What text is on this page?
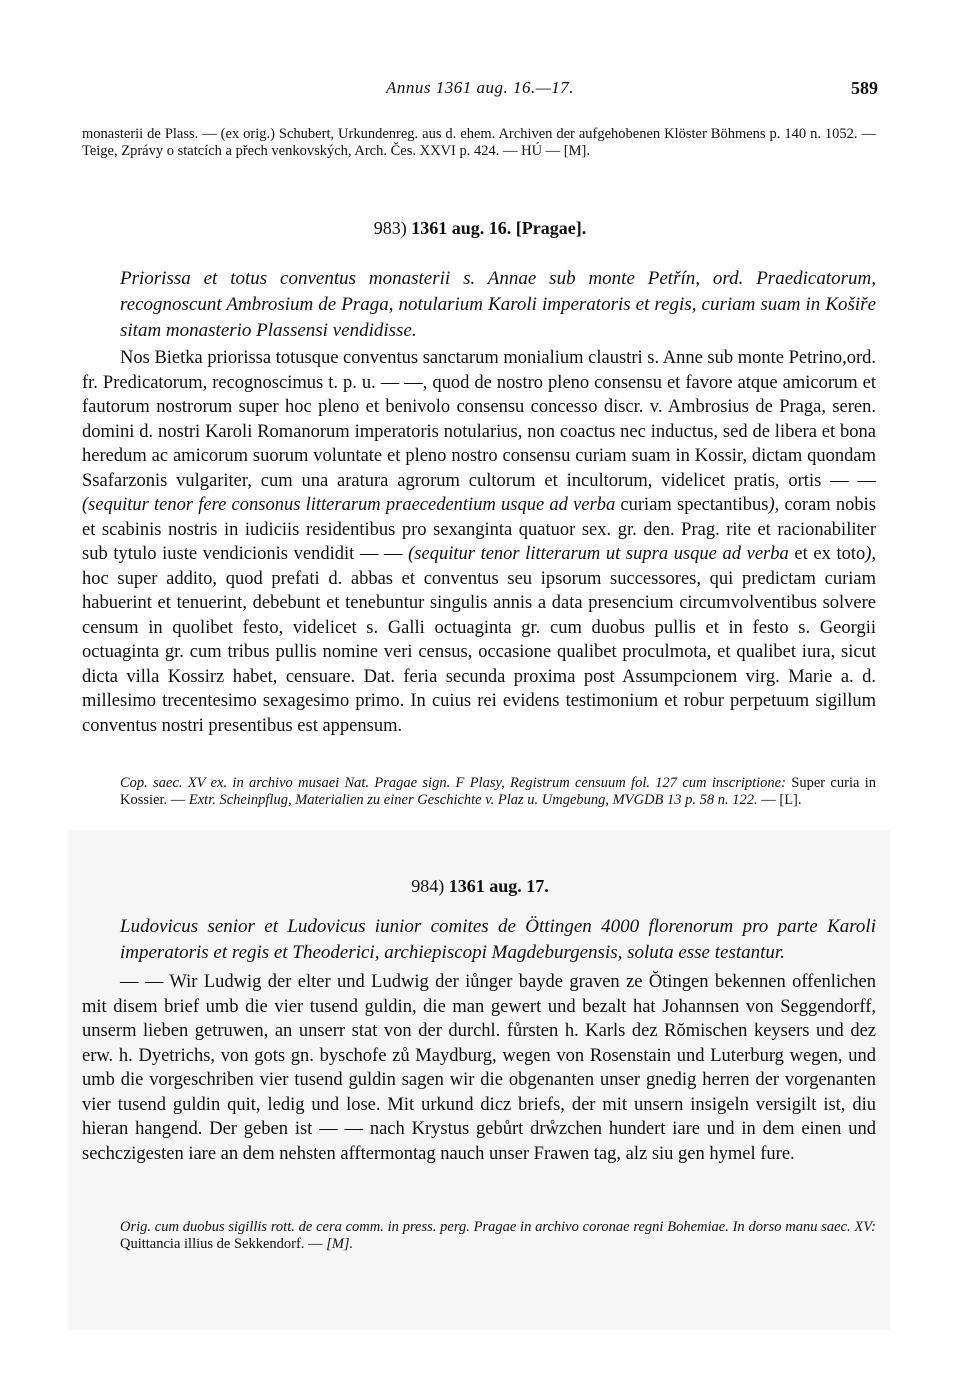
Annus 1361 aug. 16.—17.	589
monasterii de Plass. — (ex orig.) Schubert, Urkundenreg. aus d. ehem. Archiven der aufgehobenen Klöster Böhmens p. 140 n. 1052. — Teige, Zprávy o statcích a přech venkovských, Arch. Čes. XXVI p. 424. — HÚ — [M].
983) 1361 aug. 16. [Pragae].
Priorissa et totus conventus monasterii s. Annae sub monte Petřín, ord. Praedicatorum, recognoscunt Ambrosium de Praga, notularium Karoli imperatoris et regis, curiam suam in Košiře sitam monasterio Plassensi vendidisse.

Nos Bietka priorissa totusque conventus sanctarum monialium claustri s. Anne sub monte Petrino,ord. fr. Predicatorum, recognoscimus t. p. u. — —, quod de nostro pleno consensu et favore atque amicorum et fautorum nostrorum super hoc pleno et benivolo consensu concesso discr. v. Ambrosius de Praga, seren. domini d. nostri Karoli Romanorum imperatoris notularius, non coactus nec inductus, sed de libera et bona heredum ac amicorum suorum voluntate et pleno nostro consensu curiam suam in Kossir, dictam quondam Ssafarzonis vulgariter, cum una aratura agrorum cultorum et incultorum, videlicet pratis, ortis — — (sequitur tenor fere consonus litterarum praecedentium usque ad verba curiam spectantibus), coram nobis et scabinis nostris in iudiciis residentibus pro sexanginta quatuor sex. gr. den. Prag. rite et racionabiliter sub tytulo iuste vendicionis vendidit — — (sequitur tenor litterarum ut supra usque ad verba et ex toto), hoc super addito, quod prefati d. abbas et conventus seu ipsorum successores, qui predictam curiam habuerint et tenuerint, debebunt et tenebuntur singulis annis a data presencium circumvolventibus solvere censum in quolibet festo, videlicet s. Galli octuaginta gr. cum duobus pullis et in festo s. Georgii octuaginta gr. cum tribus pullis nomine veri census, occasione qualibet proculmota, et qualibet iura, sicut dicta villa Kossirz habet, censuare. Dat. feria secunda proxima post Assumpcionem virg. Marie a. d. millesimo trecentesimo sexagesimo primo. In cuius rei evidens testimonium et robur perpetuum sigillum conventus nostri presentibus est appensum.

Cop. saec. XV ex. in archivo musaei Nat. Pragae sign. F Plasy, Registrum censuum fol. 127 cum inscriptione: Super curia in Kossier. — Extr. Scheinpflug, Materialien zu einer Geschichte v. Plaz u. Umgebung, MVGDB 13 p. 58 n. 122. — [L].
984) 1361 aug. 17.
Ludovicus senior et Ludovicus iunior comites de Öttingen 4000 florenorum pro parte Karoli imperatoris et regis et Theoderici, archiepiscopi Magdeburgensis, soluta esse testantur.

— — Wir Ludwig der elter und Ludwig der iůnger bayde graven ze Ŏtingen bekennen offenlichen mit disem brief umb die vier tusend guldin, die man gewert und bezalt hat Johannsen von Seggendorff, unserm lieben getruwen, an unserr stat von der durchl. fůrsten h. Karls dez Rŏmischen keysers und dez erw. h. Dyetrichs, von gots gn. byschofe zů Maydburg, wegen von Rosenstain und Luterburg wegen, und umb die vorgeschriben vier tusend guldin sagen wir die obgenanten unser gnedig herren der vorgenanten vier tusend guldin quit, ledig und lose. Mit urkund dicz briefs, der mit unsern insigeln versigilt ist, diu hieran hangend. Der geben ist — — nach Krystus gebůrt drẘzchen hundert iare und in dem einen und sechczigesten iare an dem nehsten afftermontag nauch unser Frawen tag, alz siu gen hymel fure.

Orig. cum duobus sigillis rott. de cera comm. in press. perg. Pragae in archivo coronae regni Bohemiae. In dorso manu saec. XV: Quittancia illius de Sekkendorf. — [M].
